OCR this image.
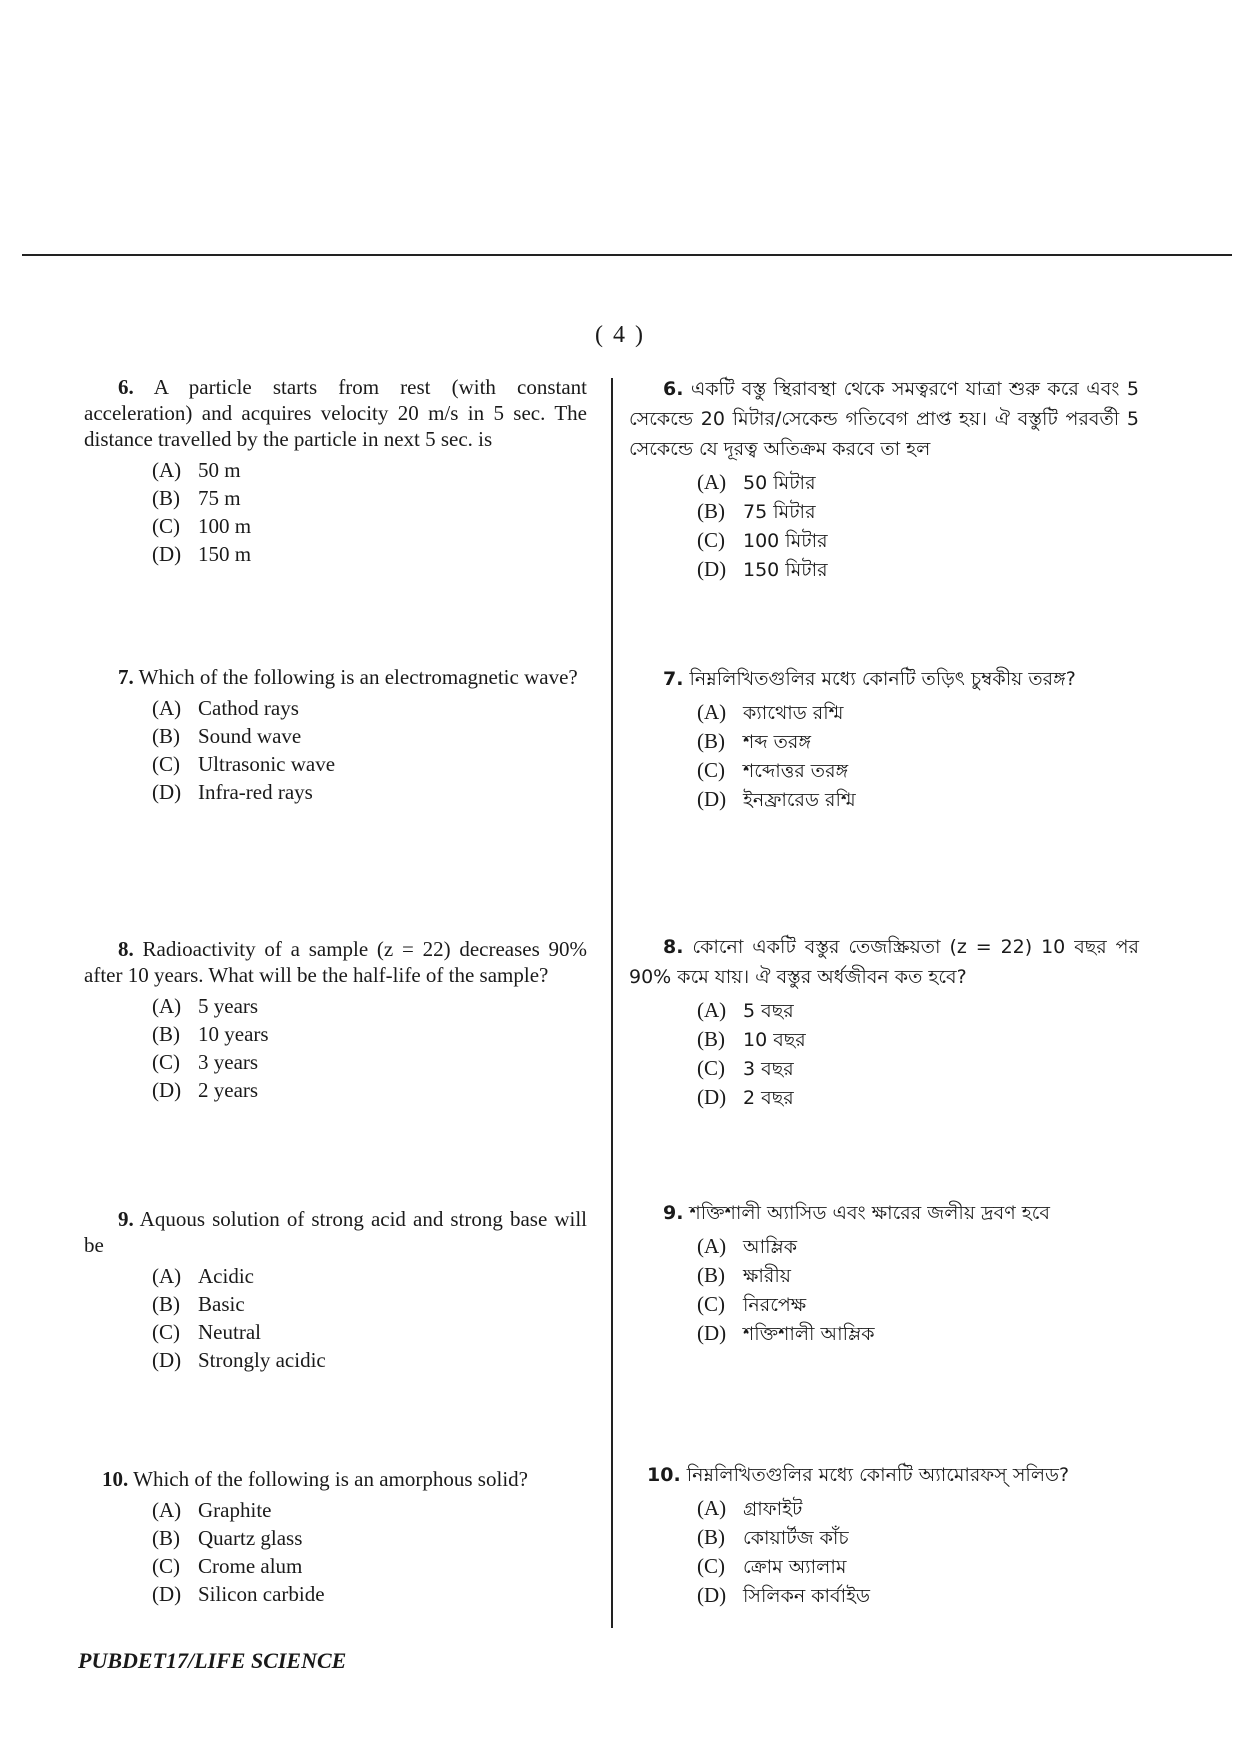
( 4 )
6. A particle starts from rest (with constant acceleration) and acquires velocity 20 m/s in 5 sec. The distance travelled by the particle in next 5 sec. is
(A) 50 m
(B) 75 m
(C) 100 m
(D) 150 m
7. Which of the following is an electromagnetic wave?
(A) Cathod rays
(B) Sound wave
(C) Ultrasonic wave
(D) Infra-red rays
8. Radioactivity of a sample (z = 22) decreases 90% after 10 years. What will be the half-life of the sample?
(A) 5 years
(B) 10 years
(C) 3 years
(D) 2 years
9. Aquous solution of strong acid and strong base will be
(A) Acidic
(B) Basic
(C) Neutral
(D) Strongly acidic
10. Which of the following is an amorphous solid?
(A) Graphite
(B) Quartz glass
(C) Crome alum
(D) Silicon carbide
6. একটি বস্তু স্থিরাবস্থা থেকে সমত্বরণে যাত্রা শুরু করে এবং 5 সেকেন্ডে 20 মিটার/সেকেন্ড গতিবেগ প্রাপ্ত হয়। ঐ বস্তুটি পরবর্তী 5 সেকেন্ডে যে দূরত্ব অতিক্রম করবে তা হল
(A) 50 মিটার
(B) 75 মিটার
(C) 100 মিটার
(D) 150 মিটার
7. নিম্নলিখিতগুলির মধ্যে কোনটি তড়িৎ চুম্বকীয় তরঙ্গ?
(A) ক্যাথোড রশ্মি
(B) শব্দ তরঙ্গ
(C) শব্দোত্তর তরঙ্গ
(D) ইনফ্রারেড রশ্মি
8. কোনো একটি বস্তুর তেজস্ক্রিয়তা (z = 22) 10 বছর পর 90% কমে যায়। ঐ বস্তুর অর্ধজীবন কত হবে?
(A) 5 বছর
(B) 10 বছর
(C) 3 বছর
(D) 2 বছর
9. শক্তিশালী অ্যাসিড এবং ক্ষারের জলীয় দ্রবণ হবে
(A) আম্লিক
(B) ক্ষারীয়
(C) নিরপেক্ষ
(D) শক্তিশালী আম্লিক
10. নিম্নলিখিতগুলির মধ্যে কোনটি অ্যামোরফস্ সলিড?
(A) গ্রাফাইট
(B) কোয়ার্টজ কাঁচ
(C) ক্রোম অ্যালাম
(D) সিলিকন কার্বাইড
PUBDET17/LIFE SCIENCE
